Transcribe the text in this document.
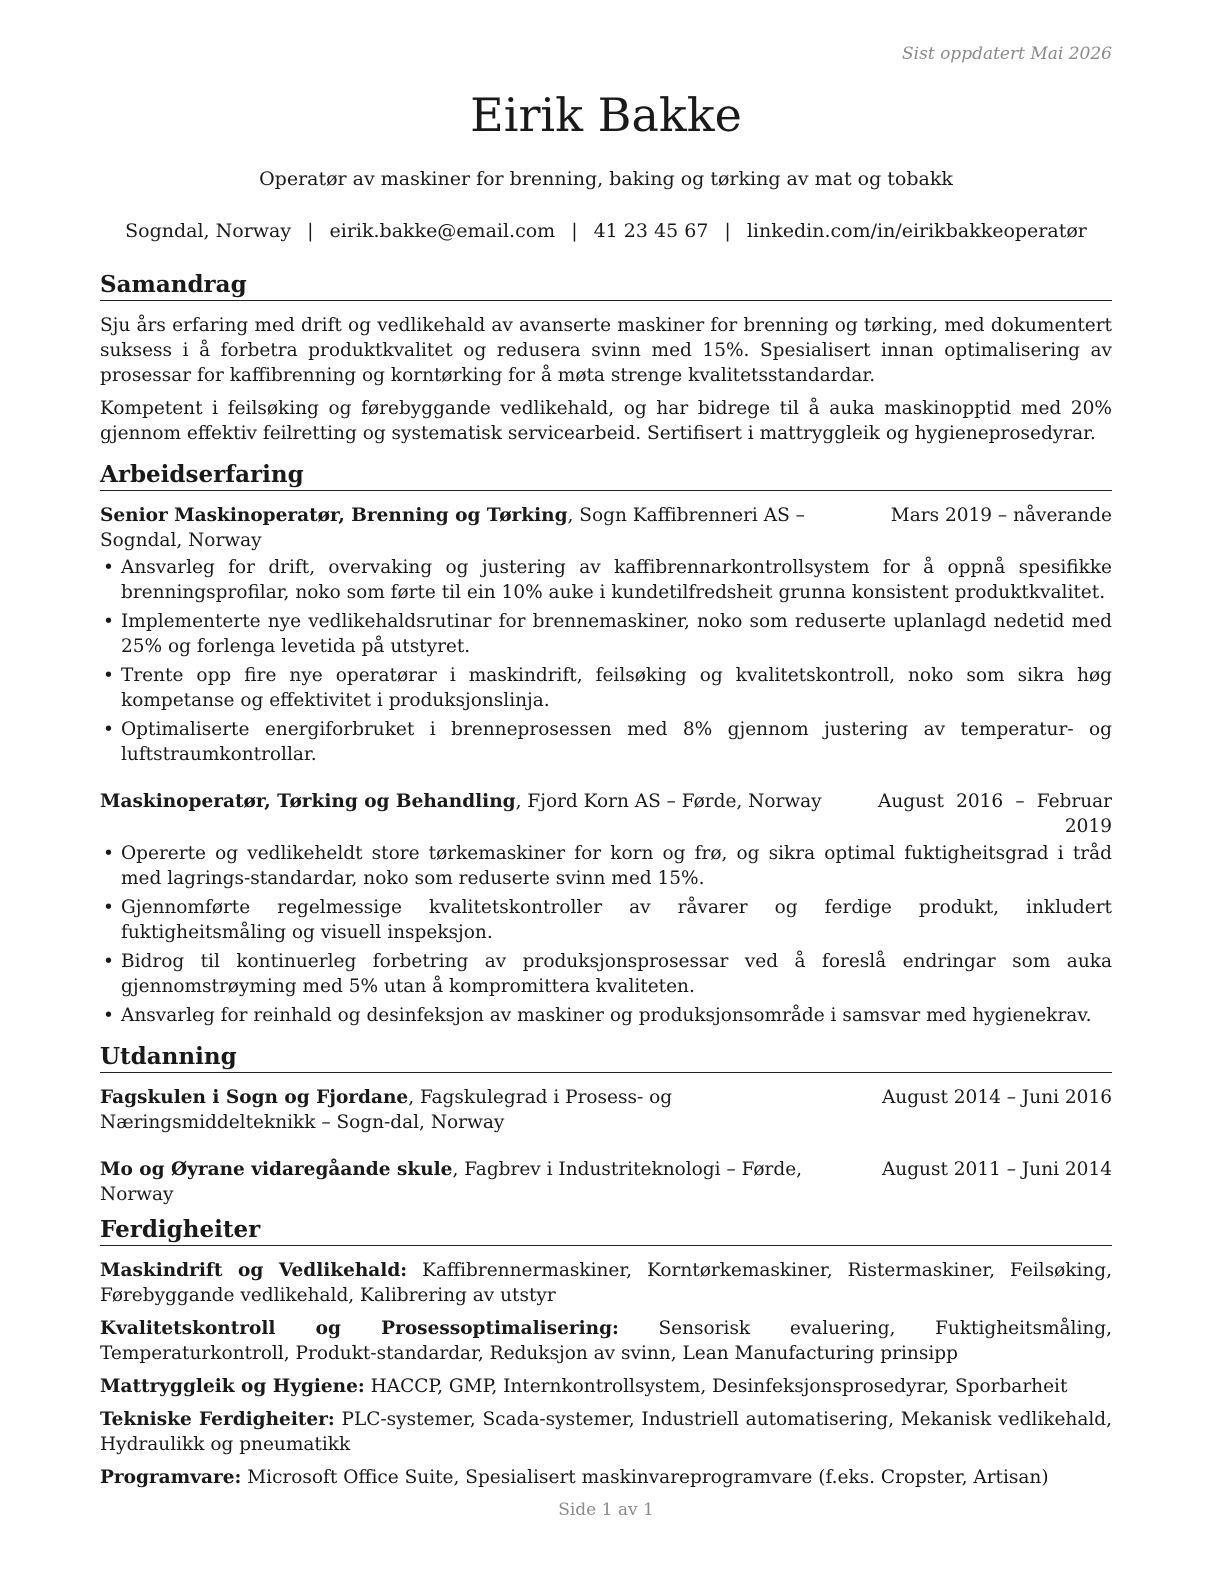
Sist oppdatert Mai 2026
Eirik Bakke
Operatør av maskiner for brenning, baking og tørking av mat og tobakk
Sogndal, Norway | eirik.bakke@email.com | 41 23 45 67 | linkedin.com/in/eirikbakkeoperatør
Samandrag

Sju års erfaring med drift og vedlikehald av avanserte maskiner for brenning og tørking, med dokumentert suksess i å forbetra produktkvalitet og redusera svinn med 15%. Spesialisert innan optimalisering av prosessar for kaffibrenning og korntørking for å møta strenge kvalitetsstandardar.

Kompetent i feilsøking og førebyggande vedlikehald, og har bidrege til å auka maskinopptid med 20% gjennom effektiv feilretting og systematisk servicearbeid. Sertifisert i mattryggleik og hygieneprosedyrar.

Arbeidserfaring
Senior Maskinoperatør, Brenning og Tørking, Sogn Kaffibrenneri AS – Sogndal, Norway
Mars 2019 – nåverande
• Ansvarleg for drift, overvaking og justering av kaffibrennarkontrollsystem for å oppnå spesifikke brenningsprofilar, noko som førte til ein 10% auke i kundetilfredsheit grunna konsistent produktkvalitet.
• Implementerte nye vedlikehaldsrutinar for brennemaskiner, noko som reduserte uplanlagd nedetid med 25% og forlenga levetida på utstyret.
• Trente opp fire nye operatørar i maskindrift, feilsøking og kvalitetskontroll, noko som sikra høg kompetanse og effektivitet i produksjonslinja.
• Optimaliserte energiforbruket i brenneprosessen med 8% gjennom justering av temperatur- og luftstraumkontrollar.
Maskinoperatør, Tørking og Behandling, Fjord Korn AS – Førde, Norway	August 2016 – Februar 2019
• Opererte og vedlikeheldt store tørkemaskiner for korn og frø, og sikra optimal fuktigheitsgrad i tråd med lagrings-standardar, noko som reduserte svinn med 15%.
• Gjennomførte regelmessige kvalitetskontroller av råvarer og ferdige produkt, inkludert fuktigheitsmåling og visuell inspeksjon.
• Bidrog til kontinuerleg forbetring av produksjonsprosessar ved å foreslå endringar som auka gjennomstrøyming med 5% utan å kompromittera kvaliteten.
• Ansvarleg for reinhald og desinfeksjon av maskiner og produksjonsområde i samsvar med hygienekrav.
Utdanning
Fagskulen i Sogn og Fjordane, Fagskulegrad i Prosess- og Næringsmiddelteknikk – Sogn-dal, Norway
August 2014 – Juni 2016
Mo og Øyrane vidaregåande skule, Fagbrev i Industriteknologi – Førde, Norway
August 2011 – Juni 2014
Ferdigheiter
Maskindrift og Vedlikehald: Kaffibrennermaskiner, Korntørkemaskiner, Ristermaskiner, Feilsøking, Førebyggande vedlikehald, Kalibrering av utstyr
Kvalitetskontroll og Prosessoptimalisering: Sensorisk evaluering, Fuktigheitsmåling, Temperaturkontroll, Produkt-standardar, Reduksjon av svinn, Lean Manufacturing prinsipp
Mattryggleik og Hygiene: HACCP, GMP, Internkontrollsystem, Desinfeksjonsprosedyrar, Sporbarheit
Tekniske Ferdigheiter: PLC-systemer, Scada-systemer, Industriell automatisering, Mekanisk vedlikehald, Hydraulikk og pneumatikk
Programvare: Microsoft Office Suite, Spesialisert maskinvareprogramvare (f.eks. Cropster, Artisan)
Side 1 av 1
